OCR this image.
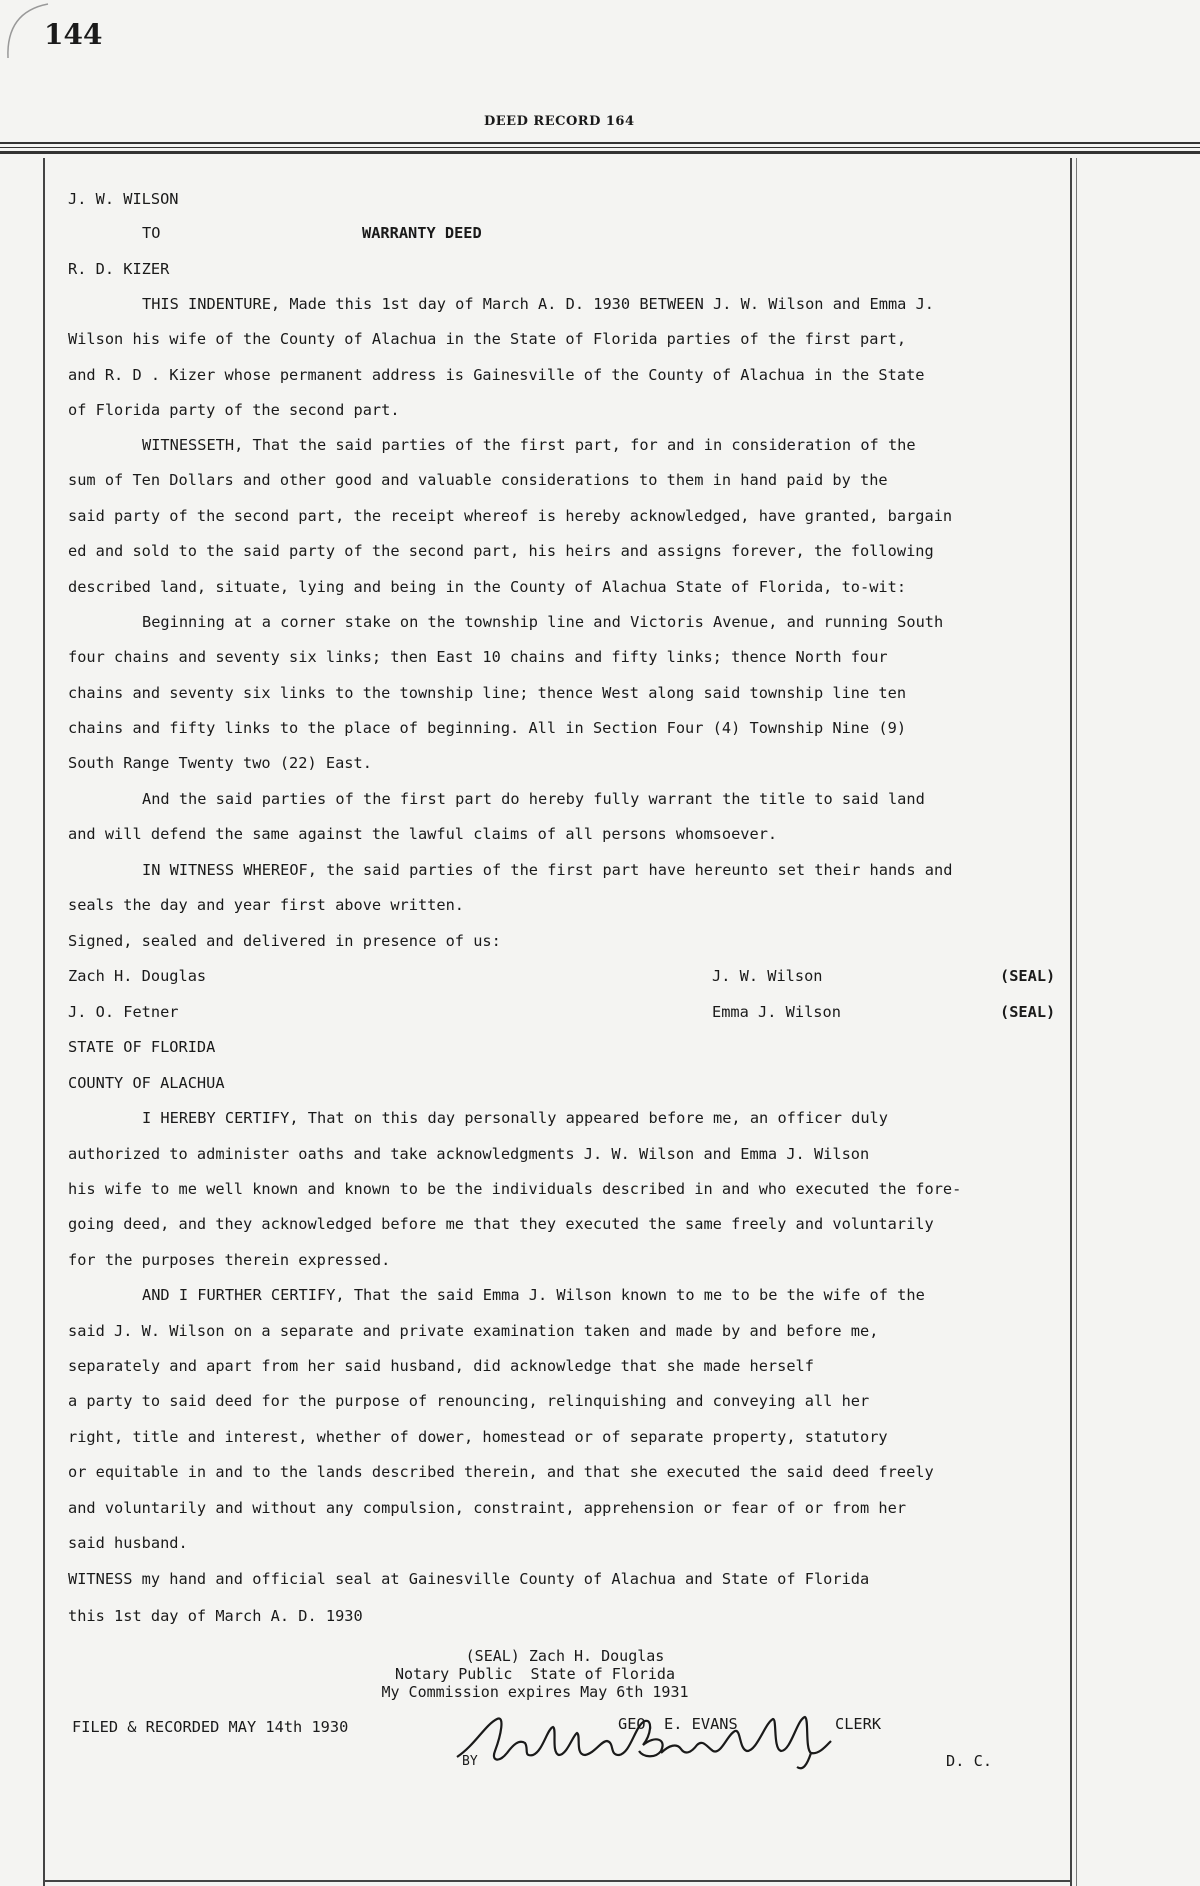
144
DEED RECORD 164
J. W. WILSON
TO	WARRANTY DEED
R. D. KIZER
THIS INDENTURE, Made this 1st day of March A. D. 1930 BETWEEN J. W. Wilson and Emma J.
Wilson his wife of the County of Alachua in the State of Florida parties of the first part,
and R. D . Kizer whose permanent address is Gainesville of the County of Alachua in the State
of Florida party of the second part.
WITNESSETH, That the said parties of the first part, for and in consideration of the
sum of Ten Dollars and other good and valuable considerations to them in hand paid by the
said party of the second part, the receipt whereof is hereby acknowledged, have granted, bargain
ed and sold to the said party of the second part, his heirs and assigns forever, the following
described land, situate, lying and being in the County of Alachua State of Florida, to-wit:
Beginning at a corner stake on the township line and Victoris Avenue, and running South
four chains and seventy six links; then East 10 chains and fifty links; thence North four
chains and seventy six links to the township line; thence West along said township line ten
chains and fifty links to the place of beginning. All in Section Four (4) Township Nine (9)
South Range Twenty two (22) East.
And the said parties of the first part do hereby fully warrant the title to said land
and will defend the same against the lawful claims of all persons whomsoever.
IN WITNESS WHEREOF, the said parties of the first part have hereunto set their hands and
seals the day and year first above written.
Signed, sealed and delivered in presence of us:
Zach H. Douglas	J. W. Wilson	(SEAL)
J. O. Fetner	Emma J. Wilson	(SEAL)
STATE OF FLORIDA
COUNTY OF ALACHUA
I HEREBY CERTIFY, That on this day personally appeared before me, an officer duly
authorized to administer oaths and take acknowledgments J. W. Wilson and Emma J. Wilson
his wife to me well known and known to be the individuals described in and who executed the fore-
going deed, and they acknowledged before me that they executed the same freely and voluntarily
for the purposes therein expressed.
AND I FURTHER CERTIFY, That the said Emma J. Wilson known to me to be the wife of the
said J. W. Wilson on a separate and private examination taken and made by and before me,
separately and apart from her said husband, did acknowledge that she made herself
a party to said deed for the purpose of renouncing, relinquishing and conveying all her
right, title and interest, whether of dower, homestead or of separate property, statutory
or equitable in and to the lands described therein, and that she executed the said deed freely
and voluntarily and without any compulsion, constraint, apprehension or fear of or from her
said husband.
WITNESS my hand and official seal at Gainesville County of Alachua and State of Florida
this 1st day of March A. D. 1930
(SEAL) Zach H. Douglas
Notary Public  State of Florida
My Commission expires May 6th 1931
FILED & RECORDED MAY 14th 1930	GEO. E. EVANS	CLERK
BY	D. C.
